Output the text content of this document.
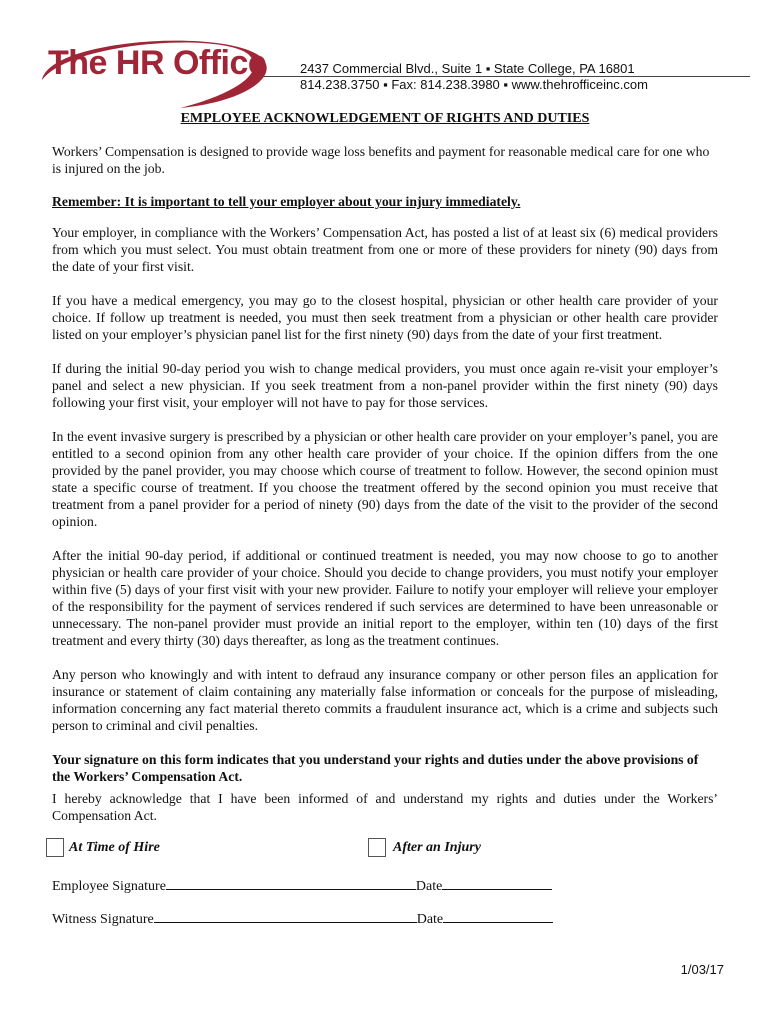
The HR Office	2437 Commercial Blvd., Suite 1 ▪ State College, PA 16801
814.238.3750 ▪ Fax: 814.238.3980 ▪ www.thehrofficeinc.com
EMPLOYEE ACKNOWLEDGEMENT OF RIGHTS AND DUTIES

Workers’ Compensation is designed to provide wage loss benefits and payment for reasonable medical care for one who is injured on the job.

Remember: It is important to tell your employer about your injury immediately.

Your employer, in compliance with the Workers’ Compensation Act, has posted a list of at least six (6) medical providers from which you must select. You must obtain treatment from one or more of these providers for ninety (90) days from the date of your first visit.

If you have a medical emergency, you may go to the closest hospital, physician or other health care provider of your choice. If follow up treatment is needed, you must then seek treatment from a physician or other health care provider listed on your employer’s physician panel list for the first ninety (90) days from the date of your first treatment.

If during the initial 90-day period you wish to change medical providers, you must once again re-visit your employer’s panel and select a new physician. If you seek treatment from a non-panel provider within the first ninety (90) days following your first visit, your employer will not have to pay for those services.

In the event invasive surgery is prescribed by a physician or other health care provider on your employer’s panel, you are entitled to a second opinion from any other health care provider of your choice. If the opinion differs from the one provided by the panel provider, you may choose which course of treatment to follow. However, the second opinion must state a specific course of treatment. If you choose the treatment offered by the second opinion you must receive that treatment from a panel provider for a period of ninety (90) days from the date of the visit to the provider of the second opinion.

After the initial 90-day period, if additional or continued treatment is needed, you may now choose to go to another physician or health care provider of your choice. Should you decide to change providers, you must notify your employer within five (5) days of your first visit with your new provider. Failure to notify your employer will relieve your employer of the responsibility for the payment of services rendered if such services are determined to have been unreasonable or unnecessary. The non-panel provider must provide an initial report to the employer, within ten (10) days of the first treatment and every thirty (30) days thereafter, as long as the treatment continues.

Any person who knowingly and with intent to defraud any insurance company or other person files an application for insurance or statement of claim containing any materially false information or conceals for the purpose of misleading, information concerning any fact material thereto commits a fraudulent insurance act, which is a crime and subjects such person to criminal and civil penalties.

Your signature on this form indicates that you understand your rights and duties under the above provisions of the Workers’ Compensation Act.

I hereby acknowledge that I have been informed of and understand my rights and duties under the Workers’ Compensation Act.

At Time of Hire	After an Injury
Employee Signature	Date
Witness Signature	Date
1/03/17
